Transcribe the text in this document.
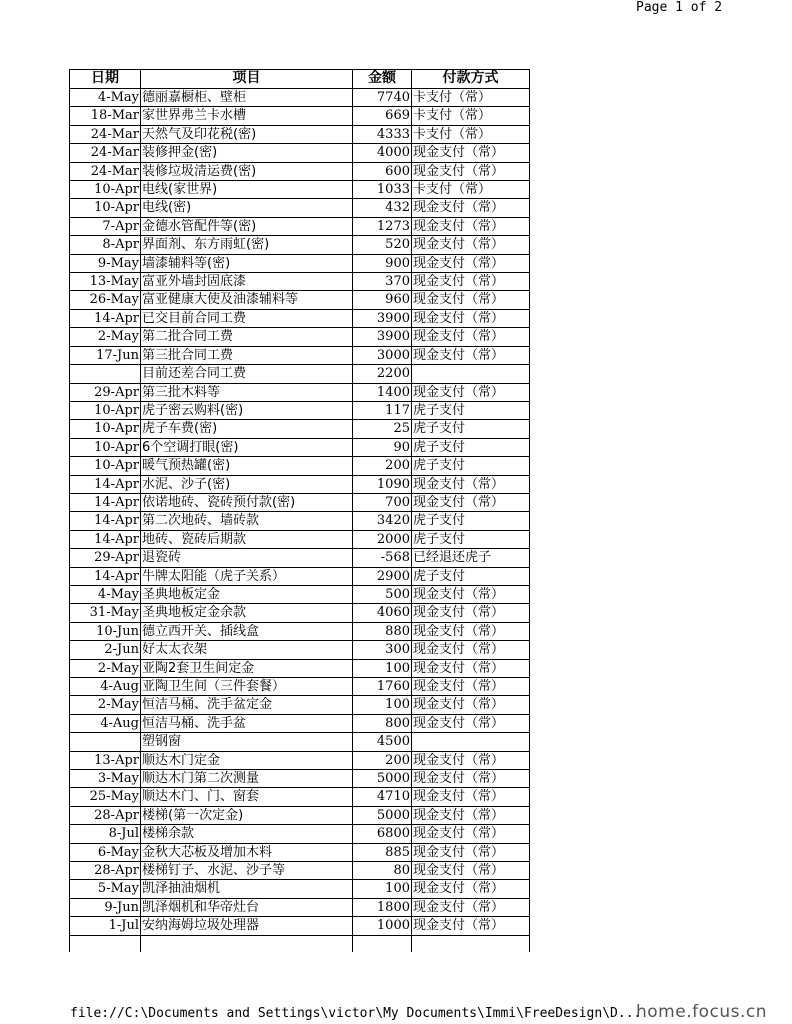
Page 1 of 2
日期	项目	金额	付款方式
4-May	德丽嘉橱柜、壁柜	7740	卡支付（常）
18-Mar	家世界弗兰卡水槽	669	卡支付（常）
24-Mar	天然气及印花税(密)	4333	卡支付（常）
24-Mar	装修押金(密)	4000	现金支付（常）
24-Mar	装修垃圾清运费(密)	600	现金支付（常）
10-Apr	电线(家世界)	1033	卡支付（常）
10-Apr	电线(密)	432	现金支付（常）
7-Apr	金德水管配件等(密)	1273	现金支付（常）
8-Apr	界面剂、东方雨虹(密)	520	现金支付（常）
9-May	墙漆辅料等(密)	900	现金支付（常）
13-May	富亚外墙封固底漆	370	现金支付（常）
26-May	富亚健康大使及油漆辅料等	960	现金支付（常）
14-Apr	已交目前合同工费	3900	现金支付（常）
2-May	第二批合同工费	3900	现金支付（常）
17-Jun	第三批合同工费	3000	现金支付（常）
	目前还差合同工费	2200	
29-Apr	第三批木料等	1400	现金支付（常）
10-Apr	虎子密云购料(密)	117	虎子支付
10-Apr	虎子车费(密)	25	虎子支付
10-Apr	6个空调打眼(密)	90	虎子支付
10-Apr	暖气预热罐(密)	200	虎子支付
14-Apr	水泥、沙子(密)	1090	现金支付（常）
14-Apr	依诺地砖、瓷砖预付款(密)	700	现金支付（常）
14-Apr	第二次地砖、墙砖款	3420	虎子支付
14-Apr	地砖、瓷砖后期款	2000	虎子支付
29-Apr	退瓷砖	-568	已经退还虎子
14-Apr	牛牌太阳能（虎子关系）	2900	虎子支付
4-May	圣典地板定金	500	现金支付（常）
31-May	圣典地板定金余款	4060	现金支付（常）
10-Jun	德立西开关、插线盒	880	现金支付（常）
2-Jun	好太太衣架	300	现金支付（常）
2-May	亚陶2套卫生间定金	100	现金支付（常）
4-Aug	亚陶卫生间（三件套餐）	1760	现金支付（常）
2-May	恒洁马桶、洗手盆定金	100	现金支付（常）
4-Aug	恒洁马桶、洗手盆	800	现金支付（常）
	塑钢窗	4500	
13-Apr	顺达木门定金	200	现金支付（常）
3-May	顺达木门第二次测量	5000	现金支付（常）
25-May	顺达木门、门、窗套	4710	现金支付（常）
28-Apr	楼梯(第一次定金)	5000	现金支付（常）
8-Jul	楼梯余款	6800	现金支付（常）
6-May	金秋大芯板及增加木料	885	现金支付（常）
28-Apr	楼梯钉子、水泥、沙子等	80	现金支付（常）
5-May	凯泽抽油烟机	100	现金支付（常）
9-Jun	凯泽烟机和华帝灶台	1800	现金支付（常）
1-Jul	安纳海姆垃圾处理器	1000	现金支付（常）

file://C:\Documents and Settings\victor\My Documents\Immi\FreeDesign\D...
home.focus.cn
